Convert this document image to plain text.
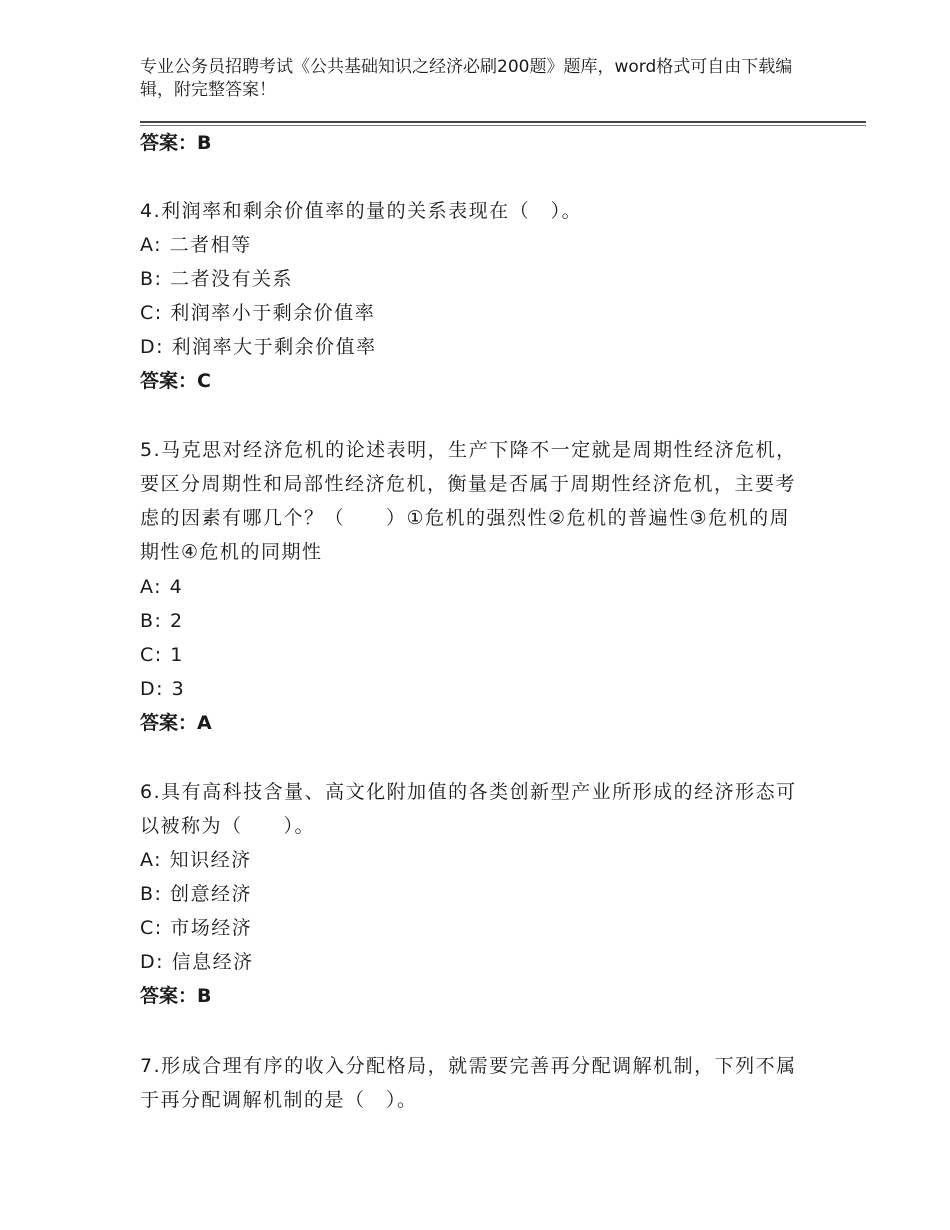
专业公务员招聘考试《公共基础知识之经济必刷200题》题库，word格式可自由下载编辑，附完整答案！
答案：B
4.利润率和剩余价值率的量的关系表现在（　）。
A: 二者相等
B: 二者没有关系
C: 利润率小于剩余价值率
D: 利润率大于剩余价值率
答案：C
5.马克思对经济危机的论述表明，生产下降不一定就是周期性经济危机，要区分周期性和局部性经济危机，衡量是否属于周期性经济危机，主要考虑的因素有哪几个？（　　）①危机的强烈性②危机的普遍性③危机的周期性④危机的同期性
A: 4
B: 2
C: 1
D: 3
答案：A
6.具有高科技含量、高文化附加值的各类创新型产业所形成的经济形态可以被称为（　　）。
A: 知识经济
B: 创意经济
C: 市场经济
D: 信息经济
答案：B
7.形成合理有序的收入分配格局，就需要完善再分配调解机制，下列不属于再分配调解机制的是（　）。
